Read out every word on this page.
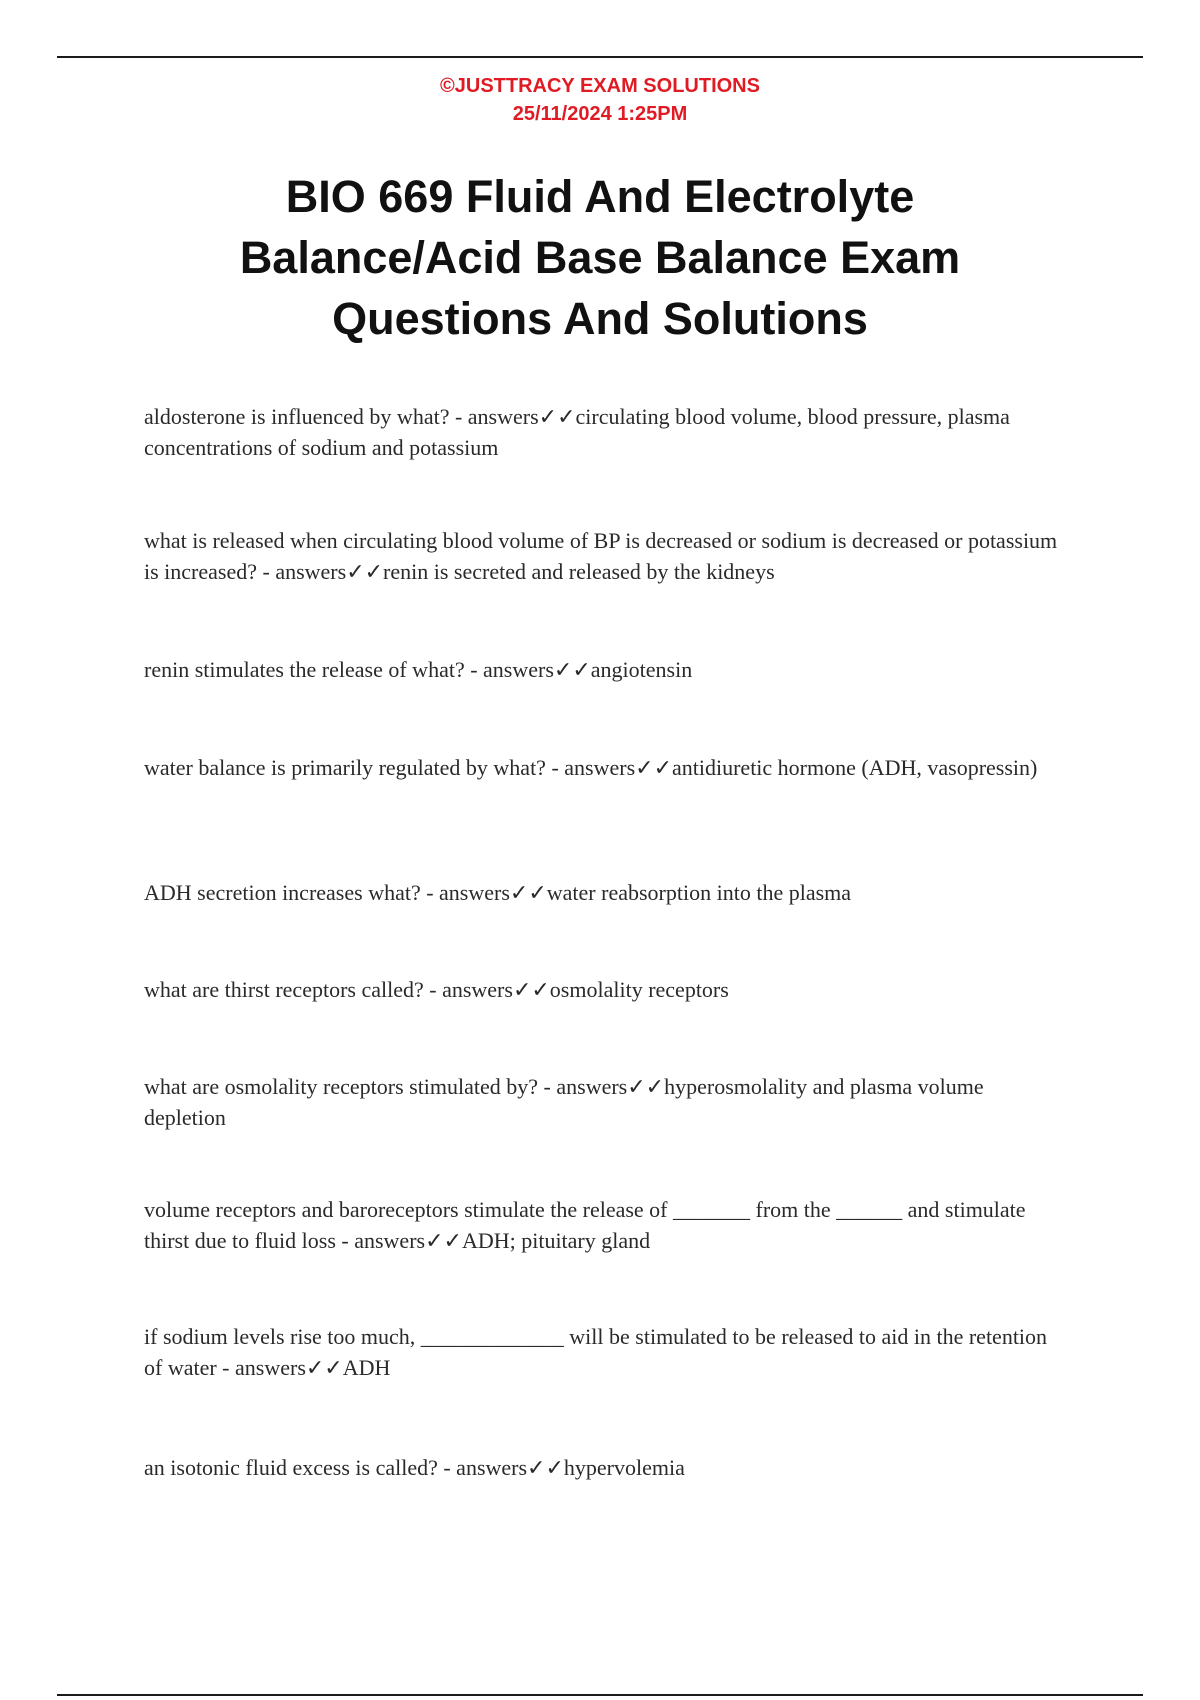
©JUSTTRACY EXAM SOLUTIONS
25/11/2024 1:25PM
BIO 669 Fluid And Electrolyte
Balance/Acid Base Balance Exam
Questions And Solutions

aldosterone is influenced by what? - answers✓✓circulating blood volume, blood pressure, plasma concentrations of sodium and potassium

what is released when circulating blood volume of BP is decreased or sodium is decreased or potassium is increased? - answers✓✓renin is secreted and released by the kidneys

renin stimulates the release of what? - answers✓✓angiotensin

water balance is primarily regulated by what? - answers✓✓antidiuretic hormone (ADH, vasopressin)

ADH secretion increases what? - answers✓✓water reabsorption into the plasma

what are thirst receptors called? - answers✓✓osmolality receptors

what are osmolality receptors stimulated by? - answers✓✓hyperosmolality and plasma volume depletion

volume receptors and baroreceptors stimulate the release of _______ from the ______ and stimulate thirst due to fluid loss - answers✓✓ADH; pituitary gland

if sodium levels rise too much, _____________ will be stimulated to be released to aid in the retention of water - answers✓✓ADH

an isotonic fluid excess is called? - answers✓✓hypervolemia
